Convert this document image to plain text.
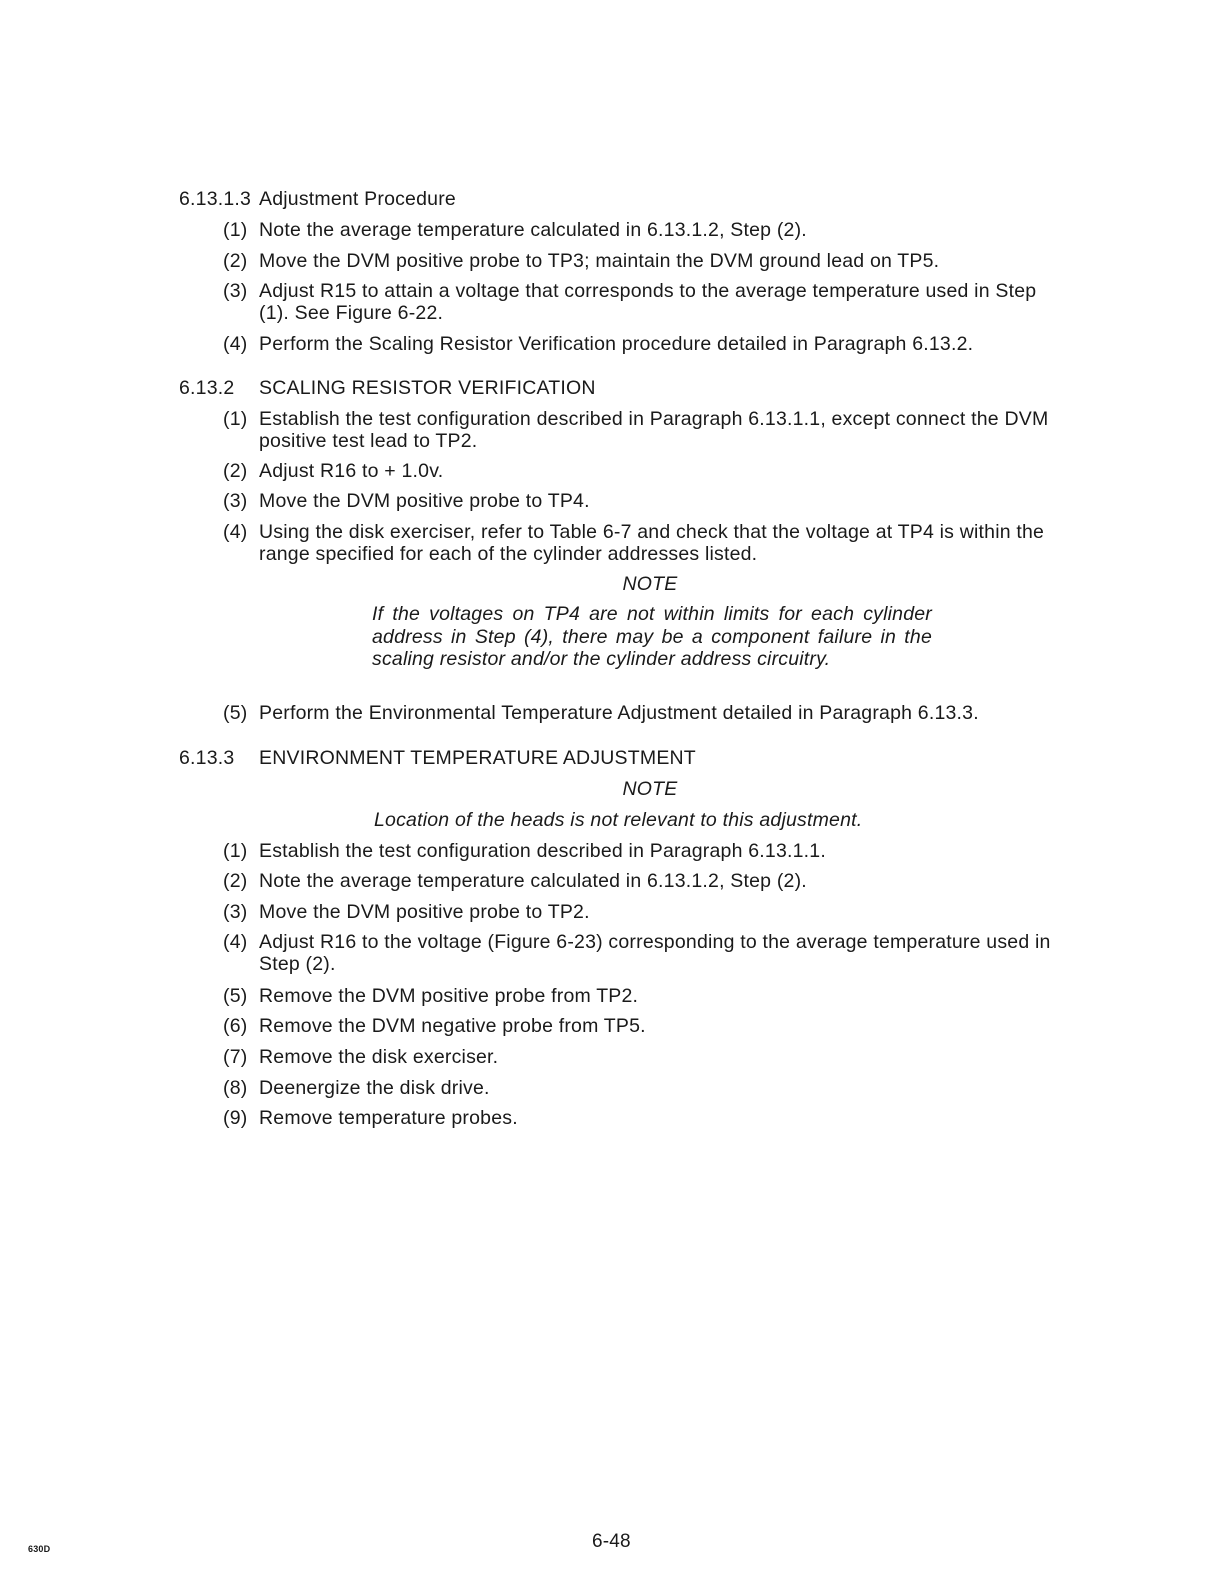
6.13.1.3 Adjustment Procedure
(1) Note the average temperature calculated in 6.13.1.2, Step (2).
(2) Move the DVM positive probe to TP3; maintain the DVM ground lead on TP5.
(3) Adjust R15 to attain a voltage that corresponds to the average temperature used in Step (1). See Figure 6-22.
(4) Perform the Scaling Resistor Verification procedure detailed in Paragraph 6.13.2.
6.13.2 SCALING RESISTOR VERIFICATION
(1) Establish the test configuration described in Paragraph 6.13.1.1, except connect the DVM positive test lead to TP2.
(2) Adjust R16 to + 1.0v.
(3) Move the DVM positive probe to TP4.
(4) Using the disk exerciser, refer to Table 6-7 and check that the voltage at TP4 is within the range specified for each of the cylinder addresses listed.
NOTE
If the voltages on TP4 are not within limits for each cylinder address in Step (4), there may be a component failure in the scaling resistor and/or the cylinder address circuitry.
(5) Perform the Environmental Temperature Adjustment detailed in Paragraph 6.13.3.
6.13.3 ENVIRONMENT TEMPERATURE ADJUSTMENT
NOTE
Location of the heads is not relevant to this adjustment.
(1) Establish the test configuration described in Paragraph 6.13.1.1.
(2) Note the average temperature calculated in 6.13.1.2, Step (2).
(3) Move the DVM positive probe to TP2.
(4) Adjust R16 to the voltage (Figure 6-23) corresponding to the average temperature used in Step (2).
(5) Remove the DVM positive probe from TP2.
(6) Remove the DVM negative probe from TP5.
(7) Remove the disk exerciser.
(8) Deenergize the disk drive.
(9) Remove temperature probes.
6-48
630D
